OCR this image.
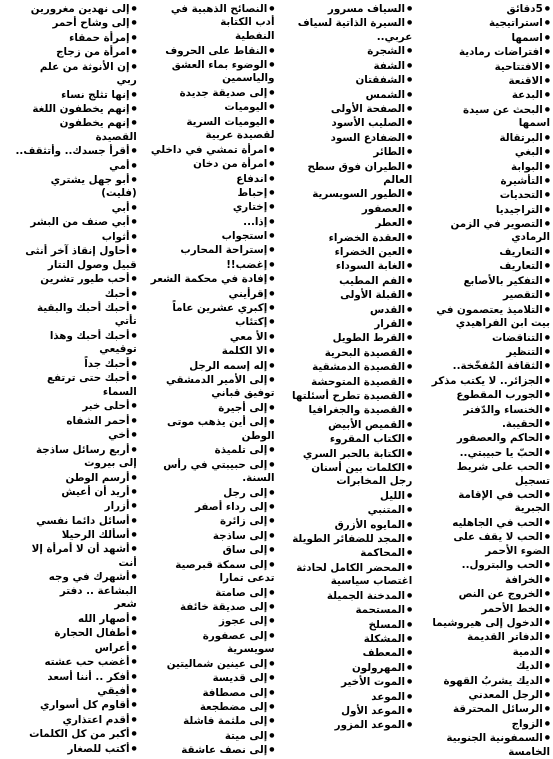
● 5دقائق
● استراتيجية
● اسمها
● افتراضات رمادية
● الافتتاحية
● الاقنعة
● البدعة
● البحث عن سيدة
اسمها
● البرتقالة
● البغي
● البوابة
● التأشيرة
● التحديات
● التراجيديا
● التصوير في الزمن
الرمادي
● التعاريف
● التعاريف
● التفكير بالأصابع
● التقصير
● التلاميذ يعتصمون في
بيت ابن الفراهيدي
● التناقضات
● التنظير
● الثقافة المُفخّخة..
● الجزائر.. لا يكتب مذكر
● الجورب المقطوع
● الخنساء والدّفتر
● الحقيبة.
● الحاكم والعصفور
● الحبّ يا حبيبتي..
● الحب على شريط
تسجيل
● الحب في الإقامة
الجبرية
● الحب في الجاهليه
● الحب لا يقف على
الضوء الأحمر
● الحب والبترول..
● الخرافة
● الخروج عن النص
● الخط الأحمر
● الدخول إلى هيروشيما
● الدفاتر القديمة
● الدمية
● الديك
● الديك يشربُ القهوة
● الرجل المعدني
● الرسائل المحترقة
● الزواج
● السمفونية الجنوبية
الخامسة
● السياف مسرور
● السيرة الذاتية لسياف
عربي..
● الشجرة
● الشفة
● الشفقتان
● الشمس
● الصفحة الأولى
● الصليب الأسود
● الضفادع السود
● الطائر
● الطيران فوق سطح
العالم
● الطيور السويسرية
● العصفور
● العطر
● العقدة الخضراء
● العين الخضراء
● الغابة السوداء
● الفم المطيب
● القبلة الأولى
● القدس
● القرار
● القرط الطويل
● القصيدة البحرية
● القصيدة الدمشقية
● القصيدة المتوحشة
● القصيدة تطرح أسئلتها
● القصيدة والجغرافيا
● القميص الأبيض
● الكتاب المقروء
● الكتابة بالحبر السري
● الكلمات بين أسنان
رجل المخابرات
● الليل
● المتنبي
● المايوه الأزرق
● المجد للضفائر الطويلة
● المحاكمة
● المحضر الكامل لحادثة
اغتصاب سياسية
● المدخنة الجميلة
● المستحمة
● المسلخ
● المشكلة
● المعطف
● المهرولون
● الموت الأخير
● الموعد
● الموعد الأول
● الموعد المزور
● النصائح الذهبية في
أدب الكتابة
النفطية
● النقاط على الحروف
● الوضوء بماء العشق
والياسمين
● إلى صديقة جديدة
● اليوميات
● اليوميات السرية
لقصيدة عربية
● امرأة تمشي في داخلي
● امرأة من دخان
● اندفاع
● إحباط
● إختاري
● إذا...
● استجواب
● إستراحة المحارب
● إغضب!!
● إفادة في محكمة الشعر
● إقرأيني
● إكبري عشرين عاماً
● إكتئاب
● الأ معي
● الا الكلمة
● إله إسمه الرجل
● إلى الأمير الدمشقي
توفيق قباني
● إلى أجيرة
● إلى أين يذهب موتى
الوطن
● إلى تلميذة
● إلى حبيبتي في رأس
السنة.
● إلى رجل
● إلى رداء أصفر
● إلى زائرة
● إلى ساذجة
● إلى ساق
● إلى سمكة قبرصية
تدعى تمارا
● إلى صامتة
● إلى صديقة خائفة
● إلى عجوز
● إلى عصفورة
سويسرية
● إلى عينين شماليتين
● إلى قديسة
● إلى مصطافة
● إلى مضطجعة
● إلى ملثمة فاشلة
● إلى ميتة
● إلى نصف عاشقة
● إلى نهدين مغرورين
● إلى وشاح أحمر
● إمرأة حمقاء
● امرأة من زجاج
● إن الأنوثة من علم
ربي
● إنها تثلج نساء
● إنهم يخطفون اللغة
● إنهم يخطفون
القصيدة
● أقرأ جسدك.. وأتثقف..
● أمي
● أبو جهل يشتري
(فليت)
● أبي
● أبي صنف من البشر
● أثواب
● أحاول إنقاذ آخر أنثى
قبيل وصول التتار
● أحب طيور تشرين
● أحبك
● أحبك أحبك والبقية
تأتي
● أحبك أحبك وهذا
توقيعي
● أحبك جداً
● أحبك حتى ترتفع
السماء
● أحلى خبر
● أحمر الشفاه
● أخي
● أربع رسائل ساذجة
إلى بيروت
● أرسم الوطن
● أريد أن أعيش
● أزرار
● أسائل دائما نفسي
● أسألك الرحيلا
● أشهد أن لا أمرأة إلا
أنت
● أشهرك في وجه
البشاعة .. دفتر
شعر
● أصهار الله
● أطفال الحجارة
● أعراس
● أغضب حب عشته
● أفكر .. أننا أسعد
● أفيقي
● أقاوم كل أسواري
● أقدم اعتذاري
● أكبر من كل الكلمات
● أكتب للصغار
